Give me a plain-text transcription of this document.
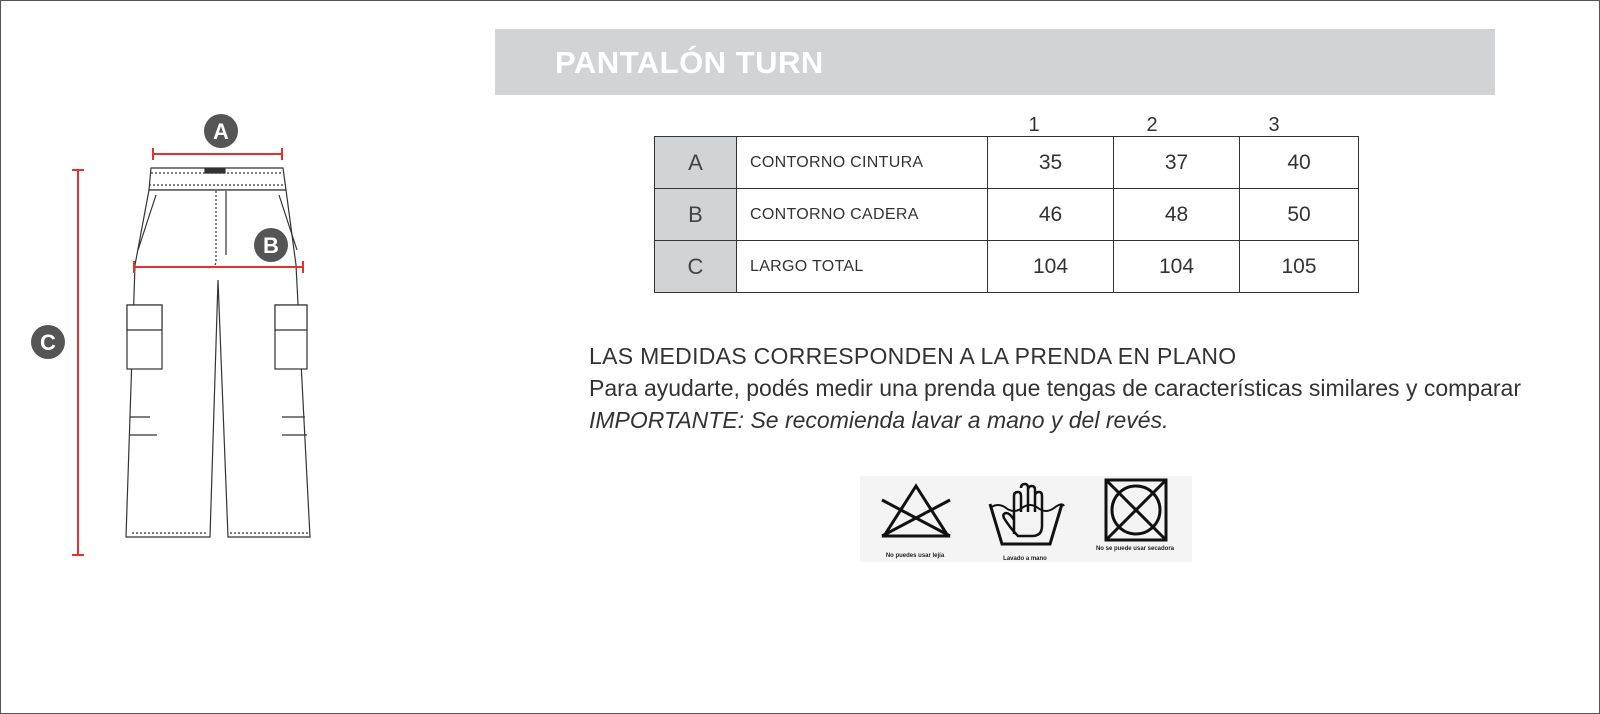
A
B
C
PANTALÓN TURN
1	2	3
A	CONTORNO CINTURA	35	37	40
B	CONTORNO CADERA	46	48	50
C	LARGO TOTAL	104	104	105
LAS MEDIDAS CORRESPONDEN A LA PRENDA EN PLANO
Para ayudarte, podés medir una prenda que tengas de características similares y comparar
IMPORTANTE: Se recomienda lavar a mano y del revés.
No puedes usar lejía	Lavado a mano
No se puede usar secadora
